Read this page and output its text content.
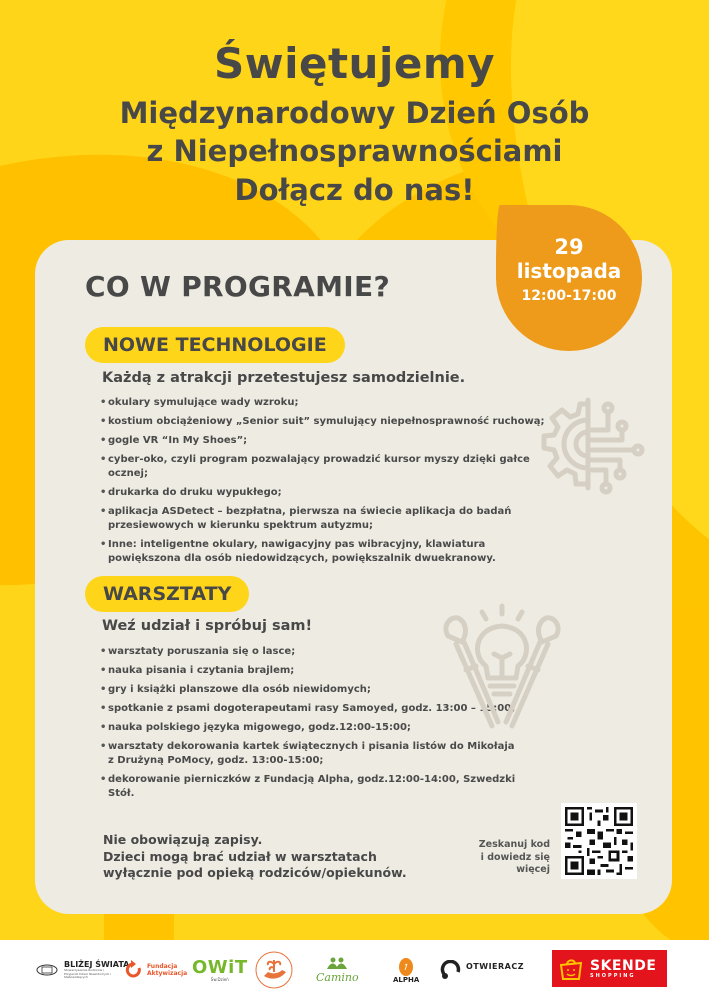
Świętujemy
Międzynarodowy Dzień Osób
z Niepełnosprawnościami
Dołącz do nas!
29
listopada
12:00-17:00
CO W PROGRAMIE?
NOWE TECHNOLOGIE
Każdą z atrakcji przetestujesz samodzielnie.
• okulary symulujące wady wzroku;
• kostium obciążeniowy „Senior suit” symulujący niepełnosprawność ruchową;
• gogle VR “In My Shoes”;
• cyber-oko, czyli program pozwalający prowadzić kursor myszy dzięki gałce ocznej;
• drukarka do druku wypukłego;
• aplikacja ASDetect – bezpłatna, pierwsza na świecie aplikacja do badań przesiewowych w kierunku spektrum autyzmu;
• Inne: inteligentne okulary, nawigacyjny pas wibracyjny, klawiatura powiększona dla osób niedowidzących, powiększalnik dwuekranowy.
WARSZTATY
Weź udział i spróbuj sam!
• warsztaty poruszania się o lasce;
• nauka pisania i czytania brajlem;
• gry i książki planszowe dla osób niewidomych;
• spotkanie z psami dogoterapeutami rasy Samoyed, godz. 13:00 – 15:00;
• nauka polskiego języka migowego, godz.12:00-15:00;
• warsztaty dekorowania kartek świątecznych i pisania listów do Mikołaja z Drużyną PoMocy, godz. 13:00-15:00;
• dekorowanie pierniczków z Fundacją Alpha, godz.12:00-14:00, Szwedzki Stół.
Nie obowiązują zapisy.
Dzieci mogą brać udział w warsztatach
wyłącznie pod opieką rodziców/opiekunów.
Zeskanuj kod
i dowiedz się
więcej
BLIŻEJ ŚWIATA
Stowarzyszenie Rodziców i Przyjaciół Dzieci Niewidomych i Słabowidzących
Fundacja
Aktywizacja OWiT
Św.Dzień	Camino	ALPHA
OTWIERACZ	SKENDE
SHOPPING
